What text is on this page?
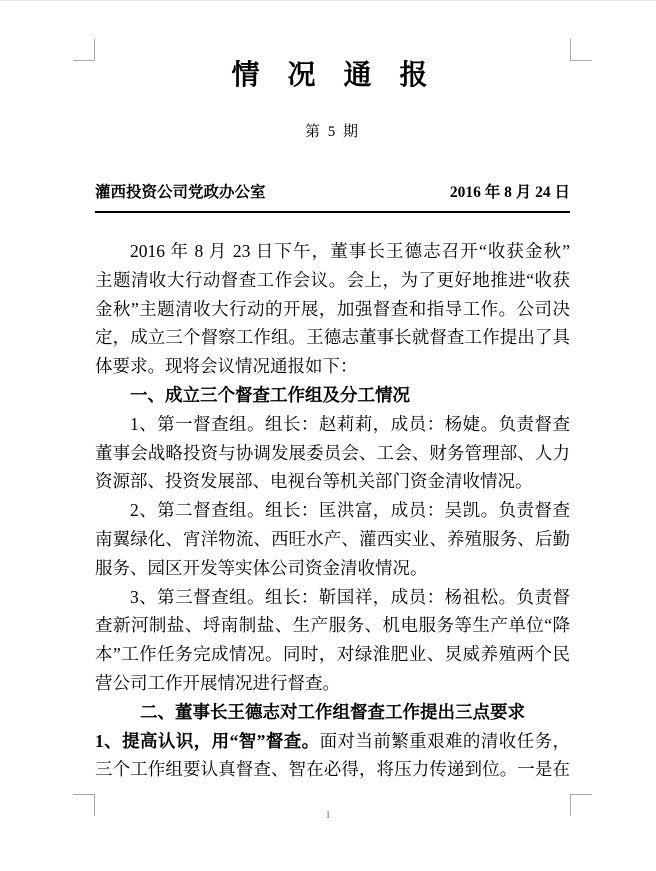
情 况 通 报
第 5 期
灌西投资公司党政办公室	2016 年 8 月 24 日
2016 年 8 月 23 日下午，董事长王德志召开“收获金秋”
主题清收大行动督查工作会议。会上，为了更好地推进“收获
金秋”主题清收大行动的开展，加强督查和指导工作。公司决
定，成立三个督察工作组。王德志董事长就督查工作提出了具
体要求。现将会议情况通报如下：
一、成立三个督查工作组及分工情况
1、第一督查组。组长：赵莉莉，成员：杨婕。负责督查
董事会战略投资与协调发展委员会、工会、财务管理部、人力
资源部、投资发展部、电视台等机关部门资金清收情况。
2、第二督查组。组长：匡洪富，成员：吴凯。负责督查
南翼绿化、宵洋物流、西旺水产、灌西实业、养殖服务、后勤
服务、园区开发等实体公司资金清收情况。
3、第三督查组。组长：靳国祥，成员：杨祖松。负责督
查新河制盐、埒南制盐、生产服务、机电服务等生产单位“降
本”工作任务完成情况。同时，对绿淮肥业、炅威养殖两个民
营公司工作开展情况进行督查。
二、董事长王德志对工作组督查工作提出三点要求
1、提高认识，用“智”督查。面对当前繁重艰难的清收任务，
三个工作组要认真督查、智在必得，将压力传递到位。一是在
1
